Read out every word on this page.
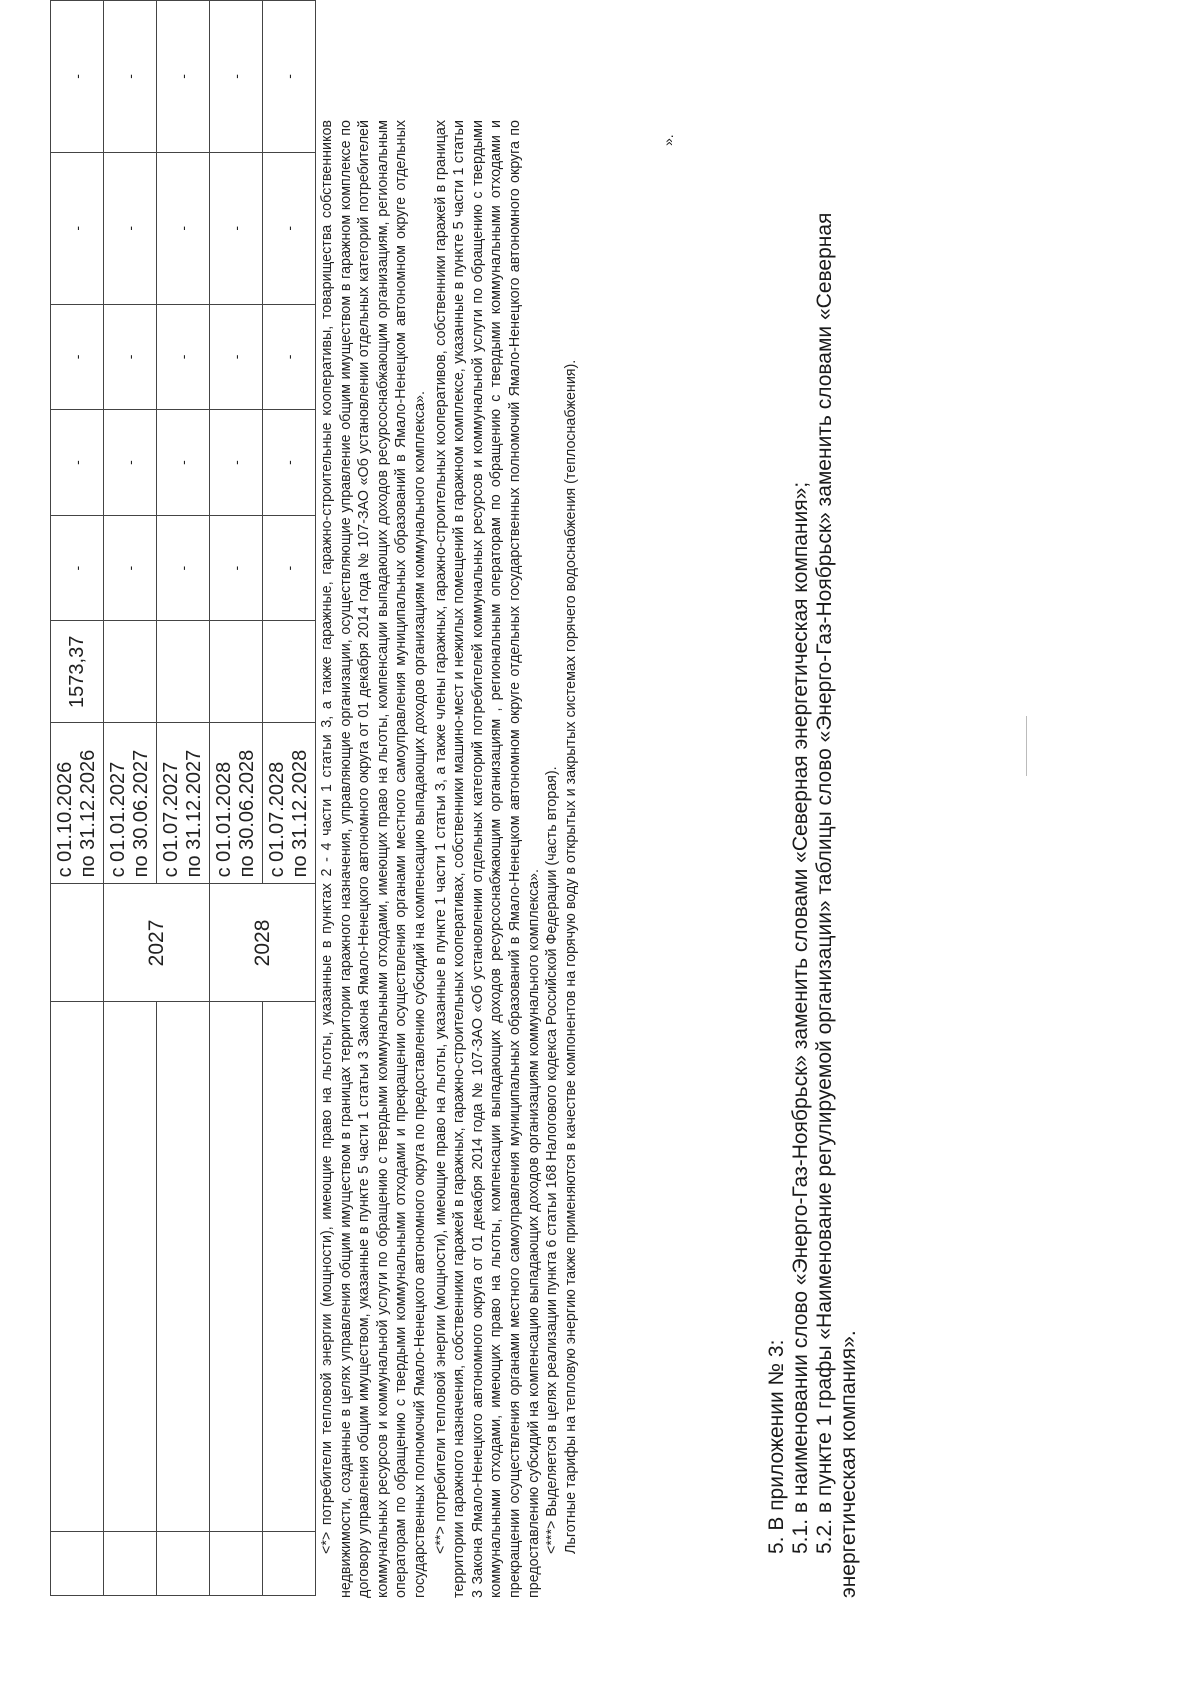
			с 01.10.2026 по 31.12.2026	1573,37	-	-	-	-	-
		2027	с 01.01.2027 по 30.06.2027		-	-	-	-	-

			с 01.07.2027 по 31.12.2027		-	-	-	-	-
		2028	с 01.01.2028 по 30.06.2028		-	-	-	-	-

			с 01.07.2028 по 31.12.2028		-	-	-	-	-

<*> потребители тепловой энергии (мощности), имеющие право на льготы, указанные в пунктах 2 - 4 части 1 статьи 3, а также гаражные, гаражно-строительные кооперативы, товарищества собственников недвижимости, созданные в целях управления общим имуществом в границах территории гаражного назначения, управляющие организации, осуществляющие управление общим имуществом в гаражном комплексе по договору управления общим имуществом, указанные в пункте 5 части 1 статьи 3 Закона Ямало-Ненецкого автономного округа от 01 декабря 2014 года № 107-ЗАО «Об установлении отдельных категорий потребителей коммунальных ресурсов и коммунальной услуги по обращению с твердыми коммунальными отходами, имеющих право на льготы, компенсации выпадающих доходов ресурсоснабжающим организациям, региональным операторам по обращению с твердыми коммунальными отходами и прекращении осуществления органами местного самоуправления муниципальных образований в Ямало-Ненецком автономном округе отдельных государственных полномочий Ямало-Ненецкого автономного округа по предоставлению субсидий на компенсацию выпадающих доходов организациям коммунального комплекса». <**> потребители тепловой энергии (мощности), имеющие право на льготы, указанные в пункте 1 части 1 статьи 3, а также члены гаражных, гаражно-строительных кооперативов, собственники гаражей в границах территории гаражного назначения, собственники гаражей в гаражных, гаражно-строительных кооперативах, собственники машино-мест и нежилых помещений в гаражном комплексе, указанные в пункте 5 части 1 статьи 3 Закона Ямало-Ненецкого автономного округа от 01 декабря 2014 года № 107-ЗАО «Об установлении отдельных категорий потребителей коммунальных ресурсов и коммунальной услуги по обращению с твердыми коммунальными отходами, имеющих право на льготы, компенсации выпадающих доходов ресурсоснабжающим организациям , региональным операторам по обращению с твердыми коммунальными отходами и прекращении осуществления органами местного самоуправления муниципальных образований в Ямало-Ненецком автономном округе отдельных государственных полномочий Ямало-Ненецкого автономного округа по предоставлению субсидий на компенсацию выпадающих доходов организациям коммунального комплекса». <***> Выделяется в целях реализации пункта 6 статьи 168 Налогового кодекса Российской Федерации (часть вторая). Льготные тарифы на тепловую энергию также применяются в качестве компонентов на горячую воду в открытых и закрытых системах горячего водоснабжения (теплоснабжения).

».

5. В приложении № 3: 5.1. в наименовании слово «Энерго-Газ-Ноябрьск» заменить словами «Северная энергетическая компания»; 5.2. в пункте 1 графы «Наименование регулируемой организации» таблицы слово «Энерго-Газ-Ноябрьск» заменить словами «Северная энергетическая компания».
